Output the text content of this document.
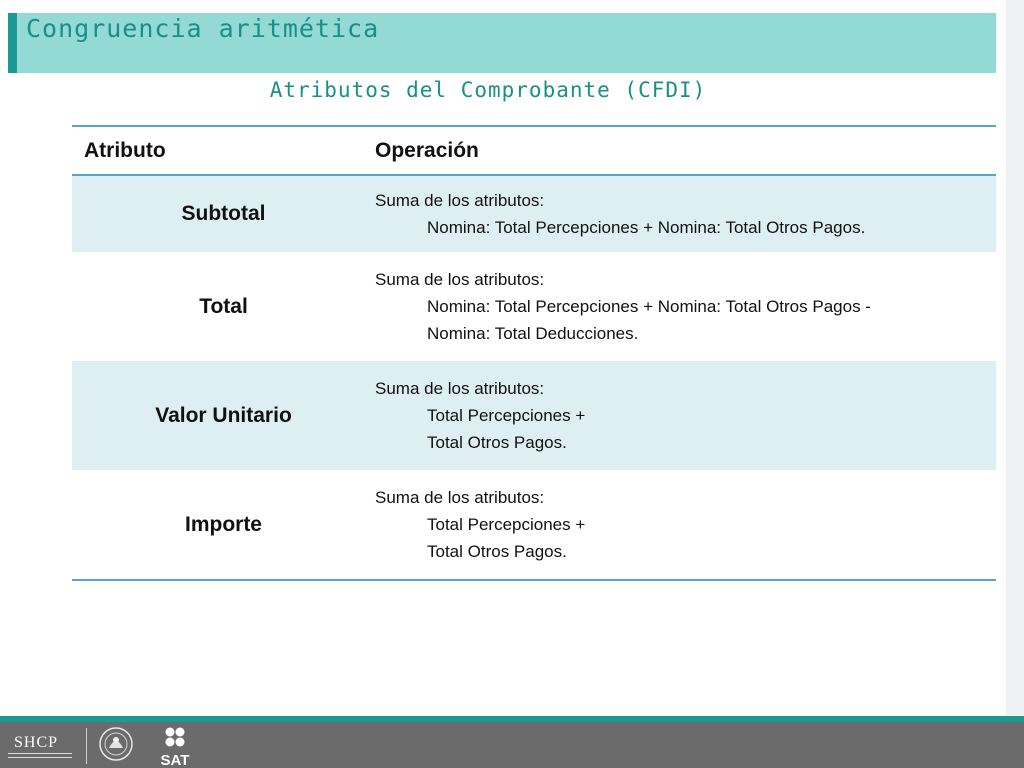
Congruencia aritmética
Atributos del Comprobante (CFDI)
Atributo	Operación
Subtotal	Suma de los atributos:
Nomina: Total Percepciones + Nomina: Total Otros Pagos.

Total	Suma de los atributos:
Nomina: Total Percepciones + Nomina: Total Otros Pagos -
Nomina: Total Deducciones.

Valor Unitario	Suma de los atributos:
Total Percepciones +
Total Otros Pagos.

Importe	Suma de los atributos:
Total Percepciones +
Total Otros Pagos.
SHCP
SAT
